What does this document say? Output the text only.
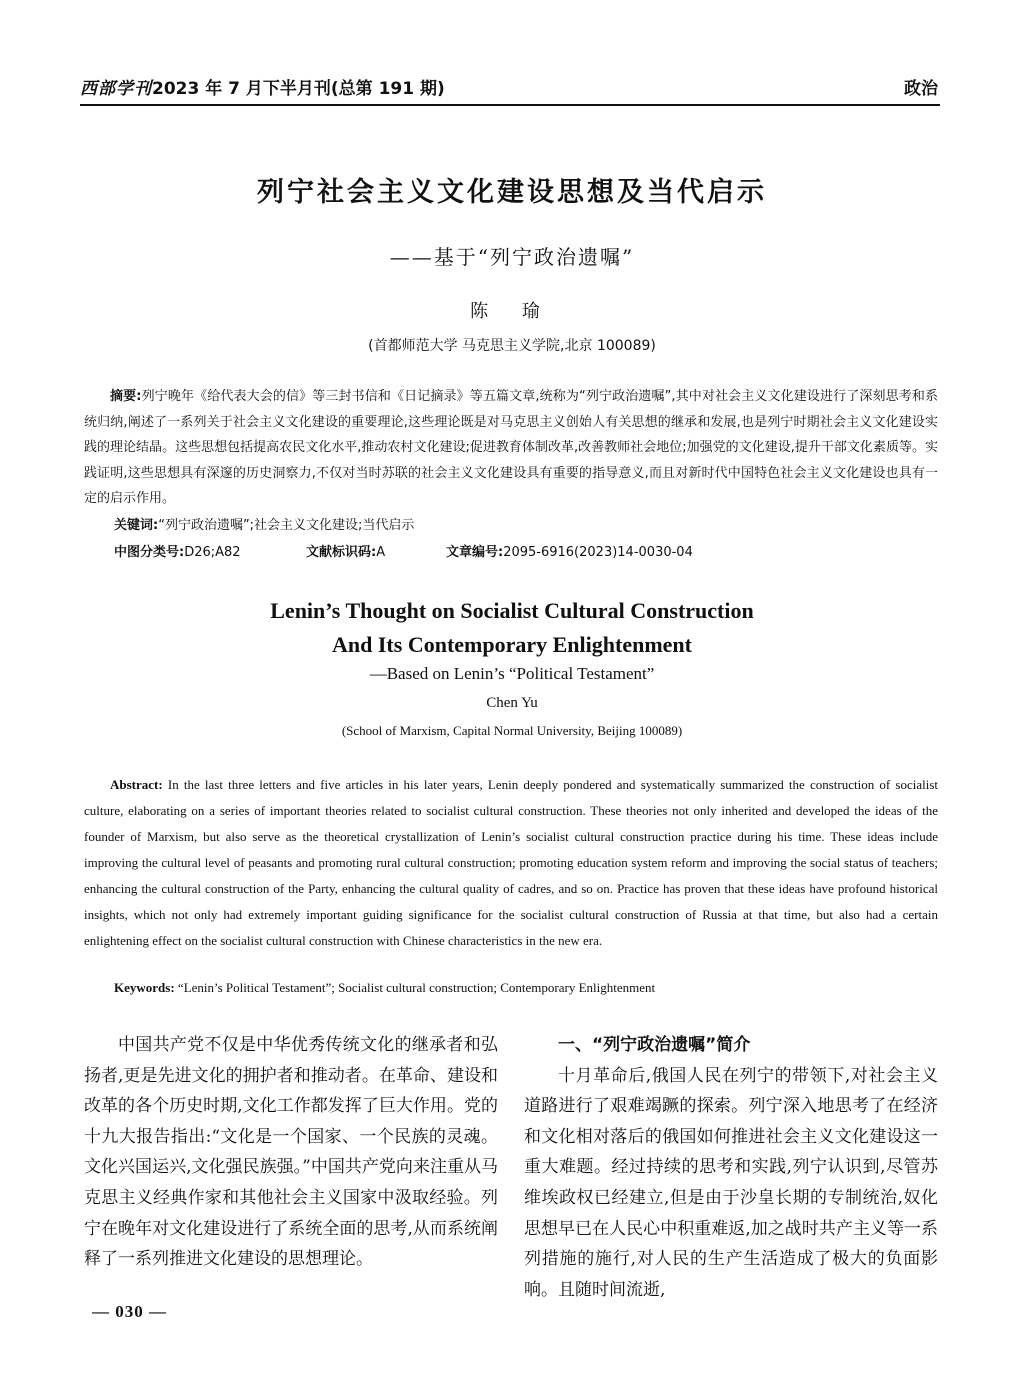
西部学刊2023 年 7 月下半月刊(总第 191 期)	政治
列宁社会主义文化建设思想及当代启示
——基于“列宁政治遗嘱”
陈 瑜
(首都师范大学 马克思主义学院,北京 100089)
摘要:列宁晚年《给代表大会的信》等三封书信和《日记摘录》等五篇文章,统称为“列宁政治遗嘱”,其中对社会主义文化建设进行了深刻思考和系统归纳,阐述了一系列关于社会主义文化建设的重要理论,这些理论既是对马克思主义创始人有关思想的继承和发展,也是列宁时期社会主义文化建设实践的理论结晶。这些思想包括提高农民文化水平,推动农村文化建设;促进教育体制改革,改善教师社会地位;加强党的文化建设,提升干部文化素质等。实践证明,这些思想具有深邃的历史洞察力,不仅对当时苏联的社会主义文化建设具有重要的指导意义,而且对新时代中国特色社会主义文化建设也具有一定的启示作用。
关键词:“列宁政治遗嘱”;社会主义文化建设;当代启示
中图分类号:D26;A82	文献标识码:A	文章编号:2095-6916(2023)14-0030-04
Lenin’s Thought on Socialist Cultural Construction
And Its Contemporary Enlightenment
—Based on Lenin’s “Political Testament”
Chen Yu
(School of Marxism, Capital Normal University, Beijing 100089)
Abstract: In the last three letters and five articles in his later years, Lenin deeply pondered and systematically summarized the construction of socialist culture, elaborating on a series of important theories related to socialist cultural construction. These theories not only inherited and developed the ideas of the founder of Marxism, but also serve as the theoretical crystallization of Lenin’s socialist cultural construction practice during his time. These ideas include improving the cultural level of peasants and promoting rural cultural construction; promoting education system reform and improving the social status of teachers; enhancing the cultural construction of the Party, enhancing the cultural quality of cadres, and so on. Practice has proven that these ideas have profound historical insights, which not only had extremely important guiding significance for the socialist cultural construction of Russia at that time, but also had a certain enlightening effect on the socialist cultural construction with Chinese characteristics in the new era.
Keywords: “Lenin’s Political Testament”; Socialist cultural construction; Contemporary Enlightenment

中国共产党不仅是中华优秀传统文化的继承者和弘扬者,更是先进文化的拥护者和推动者。在革命、建设和改革的各个历史时期,文化工作都发挥了巨大作用。党的十九大报告指出:“文化是一个国家、一个民族的灵魂。文化兴国运兴,文化强民族强。”中国共产党向来注重从马克思主义经典作家和其他社会主义国家中汲取经验。列宁在晚年对文化建设进行了系统全面的思考,从而系统阐释了一系列推进文化建设的思想理论。

一、“列宁政治遗嘱”简介

十月革命后,俄国人民在列宁的带领下,对社会主义道路进行了艰难竭蹶的探索。列宁深入地思考了在经济和文化相对落后的俄国如何推进社会主义文化建设这一重大难题。经过持续的思考和实践,列宁认识到,尽管苏维埃政权已经建立,但是由于沙皇长期的专制统治,奴化思想早已在人民心中积重难返,加之战时共产主义等一系列措施的施行,对人民的生产生活造成了极大的负面影响。且随时间流逝,

— 030 —
